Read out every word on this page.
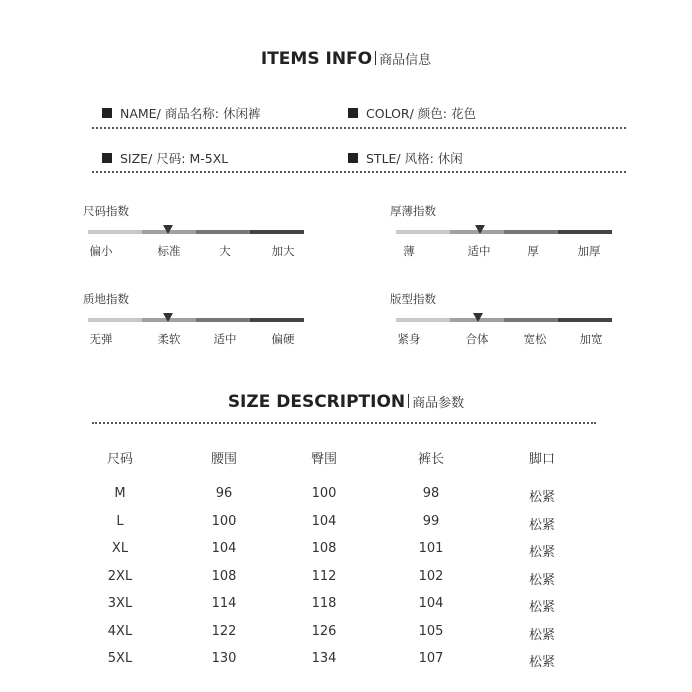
ITEMS INFO 商品信息
NAME/ 商品名称: 休闲裤	COLOR/ 颜色: 花色
SIZE/ 尺码: M-5XL	STLE/ 风格: 休闲
尺码指数
偏小	标准	大	加大
厚薄指数
薄	适中	厚	加厚
质地指数
无弹	柔软	适中	偏硬
版型指数
紧身	合体	宽松	加宽
SIZE DESCRIPTION 商品参数
尺码	腰围	臀围	裤长	脚口
M	96	100	98	松紧
L	100	104	99	松紧
XL	104	108	101	松紧
2XL	108	112	102	松紧
3XL	114	118	104	松紧
4XL	122	126	105	松紧
5XL	130	134	107	松紧
